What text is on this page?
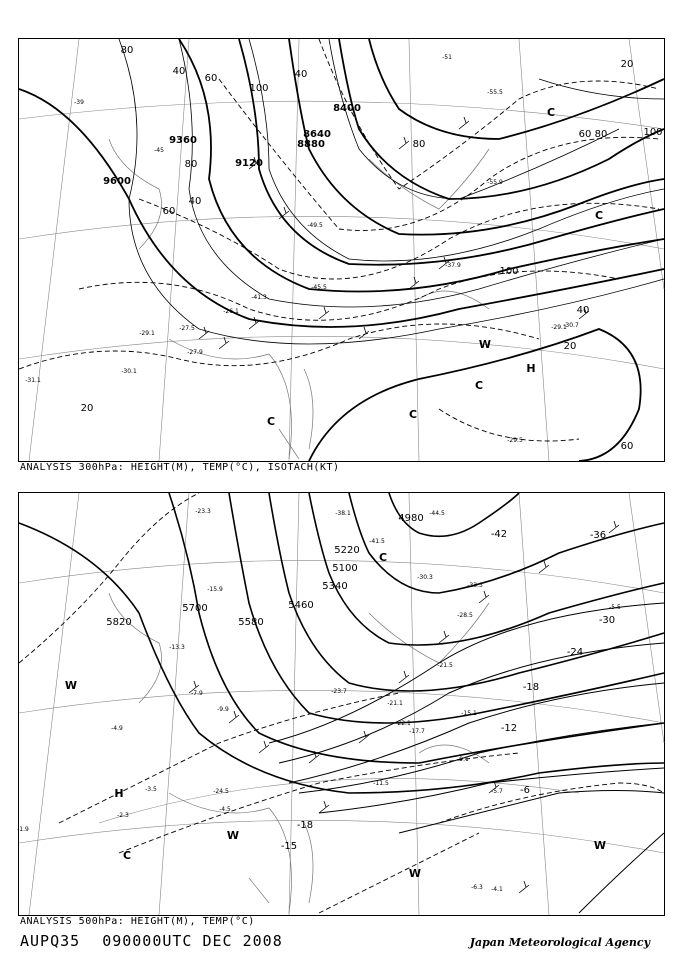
9600
9360
9120
8880
8640
8400
80
40
60	40
100
80
60
40
20
60 80	100
80
100
40
20
60
20
-31.1
-30.1
-29.1
-27.9
-27.5
-26.1
-29.1
-30.7
-29.5
-39
-45
-51
-55.5
-55.9
-49.5
-41.3
-45.5
-37.9
H
W
C
C
C
C
C
ANALYSIS 300hPa: HEIGHT(M), TEMP(°C), ISOTACH(KT)
5820
5700
5580
5460
5340
5220
5100
4980
-36
-30
-24
-18
-12
-6
-42
-18
-15
-23.3
-15.9
-13.3
-9.9
-4.9
-7.9
-3.5
-2.3
-1.9
-4.5
-6.3
-30.3
-28.5
-21.5
-15.1
-9.1
-5.7
-4.1
-24.5
-38.1
-41.5
-44.5
-33.3
-23.7
-22.1
-21.1
-17.7
-11.5
-5.5
H
W
W
W
W
C
C
ANALYSIS 500hPa: HEIGHT(M), TEMP(°C)
AUPQ35 090000UTC DEC 2008	Japan Meteorological Agency
